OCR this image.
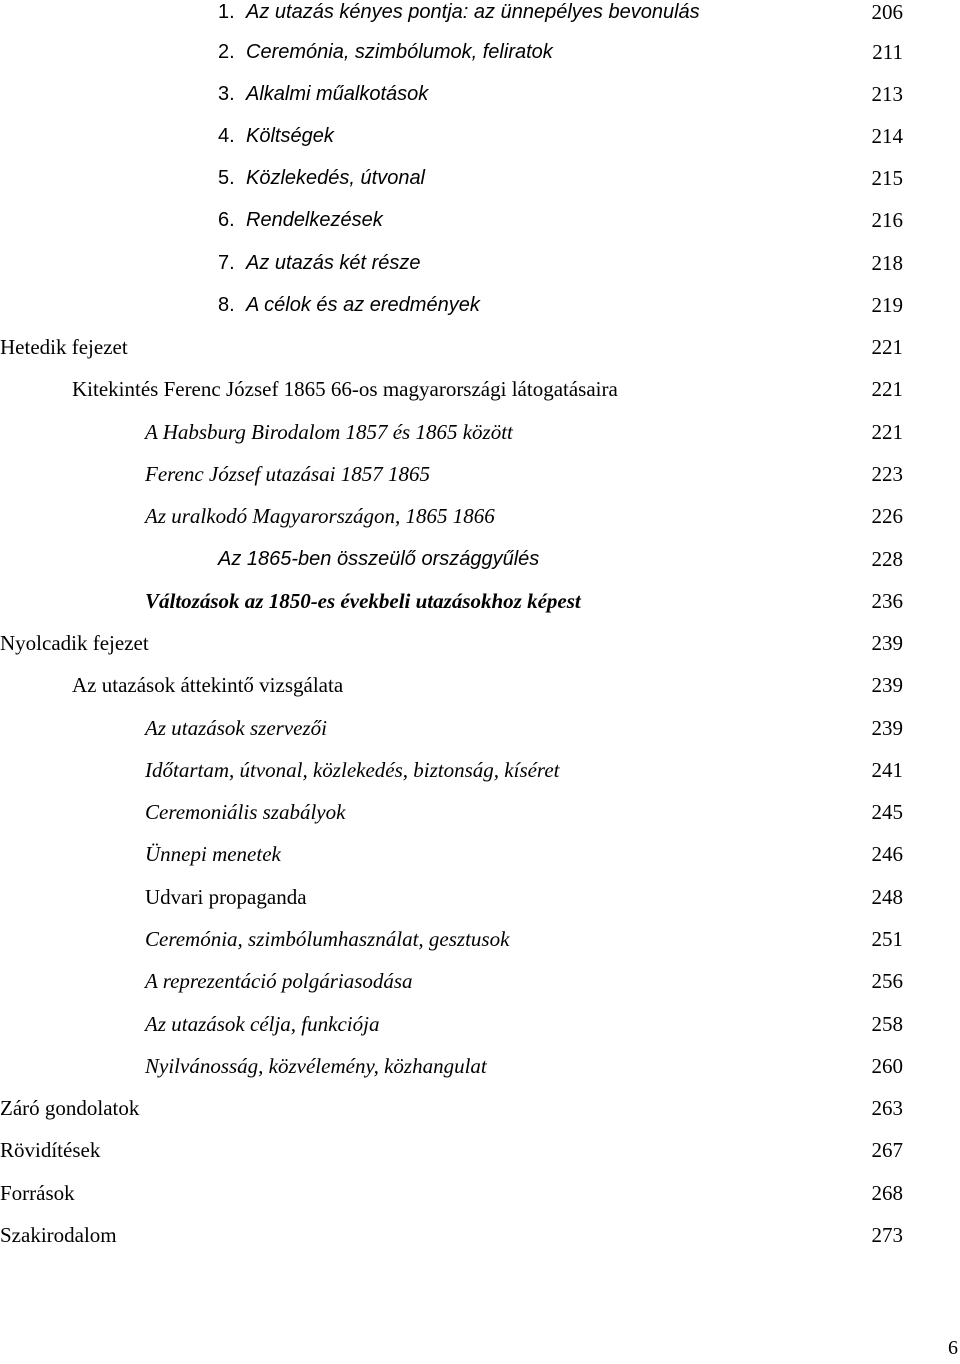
1. Az utazás kényes pontja: az ünnepélyes bevonulás	206
2. Ceremónia, szimbólumok, feliratok	211
3. Alkalmi műalkotások	213
4. Költségek	214
5. Közlekedés, útvonal	215
6. Rendelkezések	216
7. Az utazás két része	218
8. A célok és az eredmények	219
Hetedik fejezet	221
Kitekintés Ferenc József 1865 66-os magyarországi látogatásaira	221
A Habsburg Birodalom 1857 és 1865 között	221
Ferenc József utazásai 1857 1865	223
Az uralkodó Magyarországon, 1865 1866	226
Az 1865-ben összeülő országgyűlés	228
Változások az 1850-es évekbeli utazásokhoz képest	236
Nyolcadik fejezet	239
Az utazások áttekintő vizsgálata	239
Az utazások szervezői	239
Időtartam, útvonal, közlekedés, biztonság, kíséret	241
Ceremoniális szabályok	245
Ünnepi menetek	246
Udvari propaganda	248
Ceremónia, szimbólumhasználat, gesztusok	251
A reprezentáció polgáriasodása	256
Az utazások célja, funkciója	258
Nyilvánosság, közvélemény, közhangulat	260
Záró gondolatok	263
Rövidítések	267
Források	268
Szakirodalom	273
6
